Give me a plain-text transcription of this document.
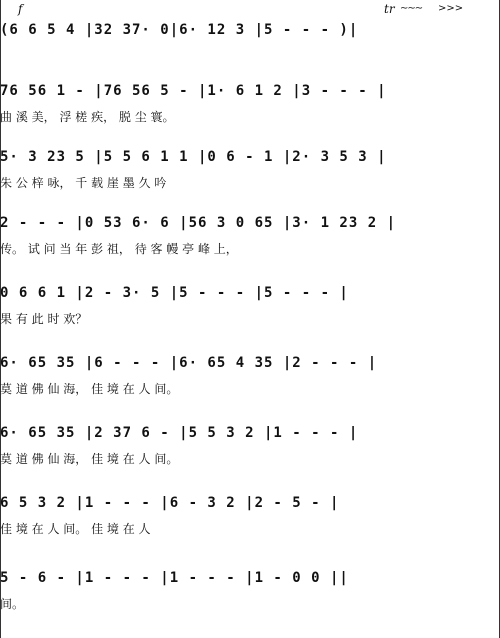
f	tr ∼∼∼ >>>
(6 6 5 4 |32 37· 0|6· 12 3 |5 - - - )|
76 56 1 - |76 56 5 - |1· 6 1 2 |3 - - - |
曲 溪 美， 浮 槎 疾， 脱 尘 寰。
5· 3 23 5 |5 5 6 1 1 |0 6 - 1 |2· 3 5 3 |
朱 公 梓 咏， 千 载 崖 墨 久 吟
2 - - - |0 53 6· 6 |56 3 0 65 |3· 1 23 2 |
传。 试 问 当 年 彭 祖， 待 客 幔 亭 峰 上，
0 6 6 1 |2 - 3· 5 |5 - - - |5 - - - |
果 有 此 时 欢？
6· 65 35 |6 - - - |6· 65 4 35 |2 - - - |
莫 道 佛 仙 海， 佳 境 在 人 间。
6· 65 35 |2 37 6 - |5 5 3 2 |1 - - - |
莫 道 佛 仙 海， 佳 境 在 人 间。
6 5 3 2 |1 - - - |6 - 3 2 |2 - 5 - |
佳 境 在 人 间。 佳 境 在 人
5 - 6 - |1 - - - |1 - - - |1 - 0 0 ||
间。
